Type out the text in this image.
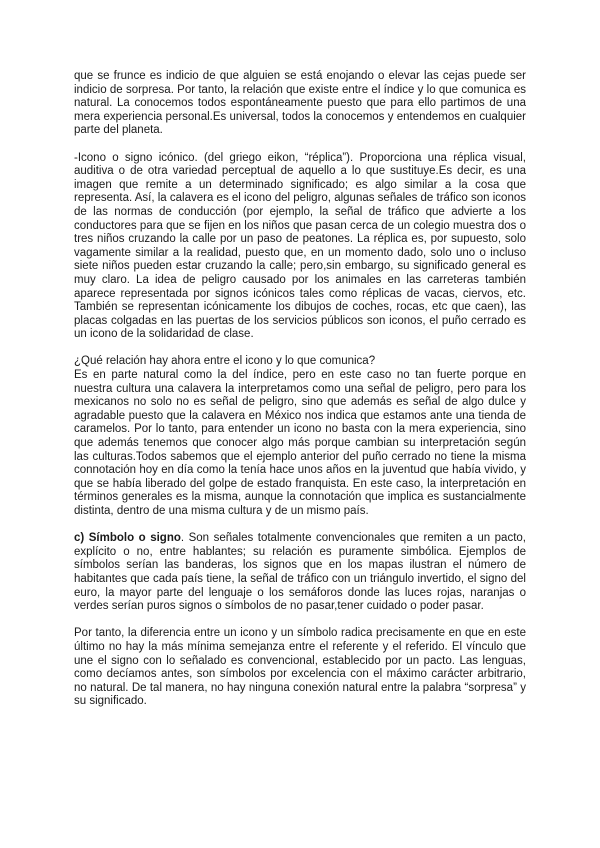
que se frunce es indicio de que alguien se está enojando o elevar las cejas puede ser indicio de sorpresa. Por tanto, la relación que existe entre el índice y lo que comunica es natural. La conocemos todos espontáneamente puesto que para ello partimos de una mera experiencia personal.Es universal, todos la conocemos y entendemos en cualquier parte del planeta.

-Icono o signo icónico. (del griego eikon, “réplica”). Proporciona una réplica visual, auditiva o de otra variedad perceptual de aquello a lo que sustituye.Es decir, es una imagen que remite a un determinado significado; es algo similar a la cosa que representa. Así, la calavera es el icono del peligro, algunas señales de tráfico son iconos de las normas de conducción (por ejemplo, la señal de tráfico que advierte a los conductores para que se fijen en los niños que pasan cerca de un colegio muestra dos o tres niños cruzando la calle por un paso de peatones. La réplica es, por supuesto, solo vagamente similar a la realidad, puesto que, en un momento dado, solo uno o incluso siete niños pueden estar cruzando la calle; pero,sin embargo, su significado general es muy claro. La idea de peligro causado por los animales en las carreteras también aparece representada por signos icónicos tales como réplicas de vacas, ciervos, etc. También se representan icónicamente los dibujos de coches, rocas, etc que caen), las placas colgadas en las puertas de los servicios públicos son iconos, el puño cerrado es un icono de la solidaridad de clase.

¿Qué relación hay ahora entre el icono y lo que comunica?

Es en parte natural como la del índice, pero en este caso no tan fuerte porque en nuestra cultura una calavera la interpretamos como una señal de peligro, pero para los mexicanos no solo no es señal de peligro, sino que además es señal de algo dulce y agradable puesto que la calavera en México nos indica que estamos ante una tienda de caramelos. Por lo tanto, para entender un icono no basta con la mera experiencia, sino que además tenemos que conocer algo más porque cambian su interpretación según las culturas.Todos sabemos que el ejemplo anterior del puño cerrado no tiene la misma connotación hoy en día como la tenía hace unos años en la juventud que había vivido, y que se había liberado del golpe de estado franquista. En este caso, la interpretación en términos generales es la misma, aunque la connotación que implica es sustancialmente distinta, dentro de una misma cultura y de un mismo país.

c) Símbolo o signo. Son señales totalmente convencionales que remiten a un pacto, explícito o no, entre hablantes; su relación es puramente simbólica. Ejemplos de símbolos serían las banderas, los signos que en los mapas ilustran el número de habitantes que cada país tiene, la señal de tráfico con un triángulo invertido, el signo del euro, la mayor parte del lenguaje o los semáforos donde las luces rojas, naranjas o verdes serían puros signos o símbolos de no pasar,tener cuidado o poder pasar.

Por tanto, la diferencia entre un icono y un símbolo radica precisamente en que en este último no hay la más mínima semejanza entre el referente y el referido. El vínculo que une el signo con lo señalado es convencional, establecido por un pacto. Las lenguas, como decíamos antes, son símbolos por excelencia con el máximo carácter arbitrario, no natural. De tal manera, no hay ninguna conexión natural entre la palabra “sorpresa” y su significado.
